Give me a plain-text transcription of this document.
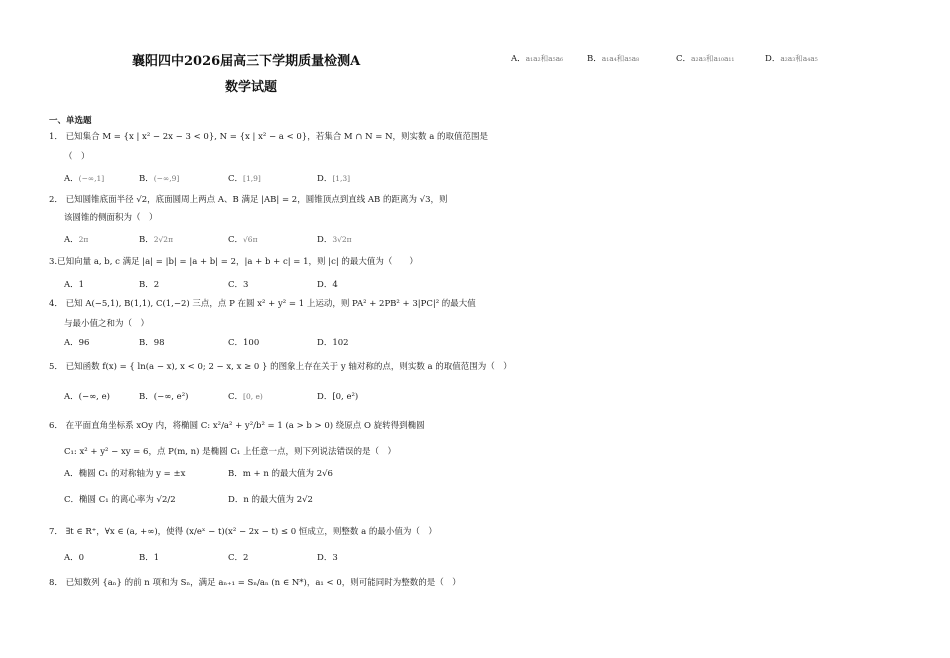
襄阳四中2026届高三下学期质量检测A
数学试题
A．a₁a₂和a₅a₆	B．a₁a₄和a₅a₈	C．a₂a₃和a₁₀a₁₁	D．a₂a₃和a₄a₅
一、单选题
1． 已知集合 M = {x | x² − 2x − 3 < 0}, N = {x | x² − a < 0}，若集合 M ∩ N = N，则实数 a 的取值范围是
（　）
A．(−∞,1]	B．(−∞,9]	C．[1,9]	D．[1,3]
2． 已知圆锥底面半径 √2，底面圆周上两点 A、B 满足 |AB| = 2，圆锥顶点到直线 AB 的距离为 √3，则
该圆锥的侧面积为（　）
A．2π	B．2√2π	C．√6π	D．3√2π
3.已知向量 a, b, c 满足 |a| = |b| = |a + b| = 2，|a + b + c| = 1，则 |c| 的最大值为（　　）
A．1	B．2	C．3	D．4
4． 已知 A(−5,1), B(1,1), C(1,−2) 三点，点 P 在圆 x² + y² = 1 上运动，则 PA² + 2PB² + 3|PC|² 的最大值
与最小值之和为（　）
A．96	B．98	C．100	D．102
5． 已知函数 f(x) = { ln(a − x), x < 0; 2 − x, x ≥ 0 } 的图象上存在关于 y 轴对称的点，则实数 a 的取值范围为（　）
A．(−∞, e)	B．(−∞, e²)	C．[0, e)	D．[0, e²)
6． 在平面直角坐标系 xOy 内，将椭圆 C: x²/a² + y²/b² = 1 (a > b > 0) 绕原点 O 旋转得到椭圆
C₁: x² + y² − xy = 6，点 P(m, n) 是椭圆 C₁ 上任意一点，则下列说法错误的是（　）
A．椭圆 C₁ 的对称轴为 y = ±x	B．m + n 的最大值为 2√6
C．椭圆 C₁ 的离心率为 √2/2	D．n 的最大值为 2√2
7． ∃t ∈ R⁺，∀x ∈ (a, +∞)，使得 (x/eˣ − t)(x² − 2x − t) ≤ 0 恒成立，则整数 a 的最小值为（　）
A．0	B．1	C．2	D．3
8． 已知数列 {aₙ} 的前 n 项和为 Sₙ，满足 aₙ₊₁ = Sₙ/aₙ (n ∈ N*)，a₁ < 0，则可能同时为整数的是（　）
